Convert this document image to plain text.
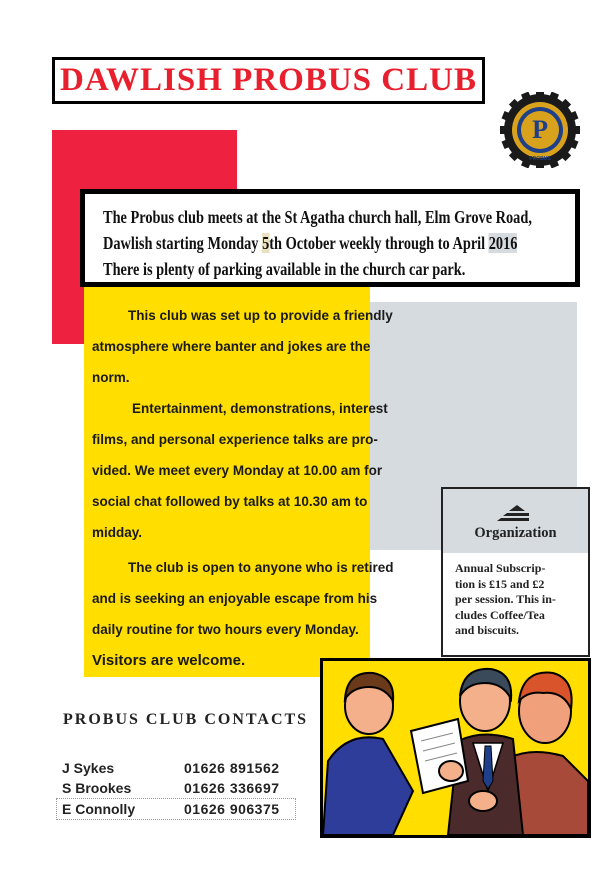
DAWLISH PROBUS CLUB
P
PROBUS
The Probus club meets at the St Agatha church hall, Elm Grove Road, Dawlish starting Monday 5th October weekly through to April 2016 There is plenty of parking available in the church car park.

This club was set up to provide a friendly

atmosphere where banter and jokes are the

norm.

Entertainment, demonstrations, interest

films, and personal experience talks are pro-

vided. We meet every Monday at 10.00 am for

social chat followed by talks at 10.30 am to

midday.

The club is open to anyone who is retired

and is seeking an enjoyable escape from his

daily routine for two hours every Monday.

Visitors are welcome.

Organization
Annual Subscrip-
tion is £15 and £2
per session. This in-
cludes Coffee/Tea
and biscuits.
PROBUS CLUB CONTACTS
J Sykes	01626 891562
S Brookes	01626 336697
E Connolly	01626 906375
